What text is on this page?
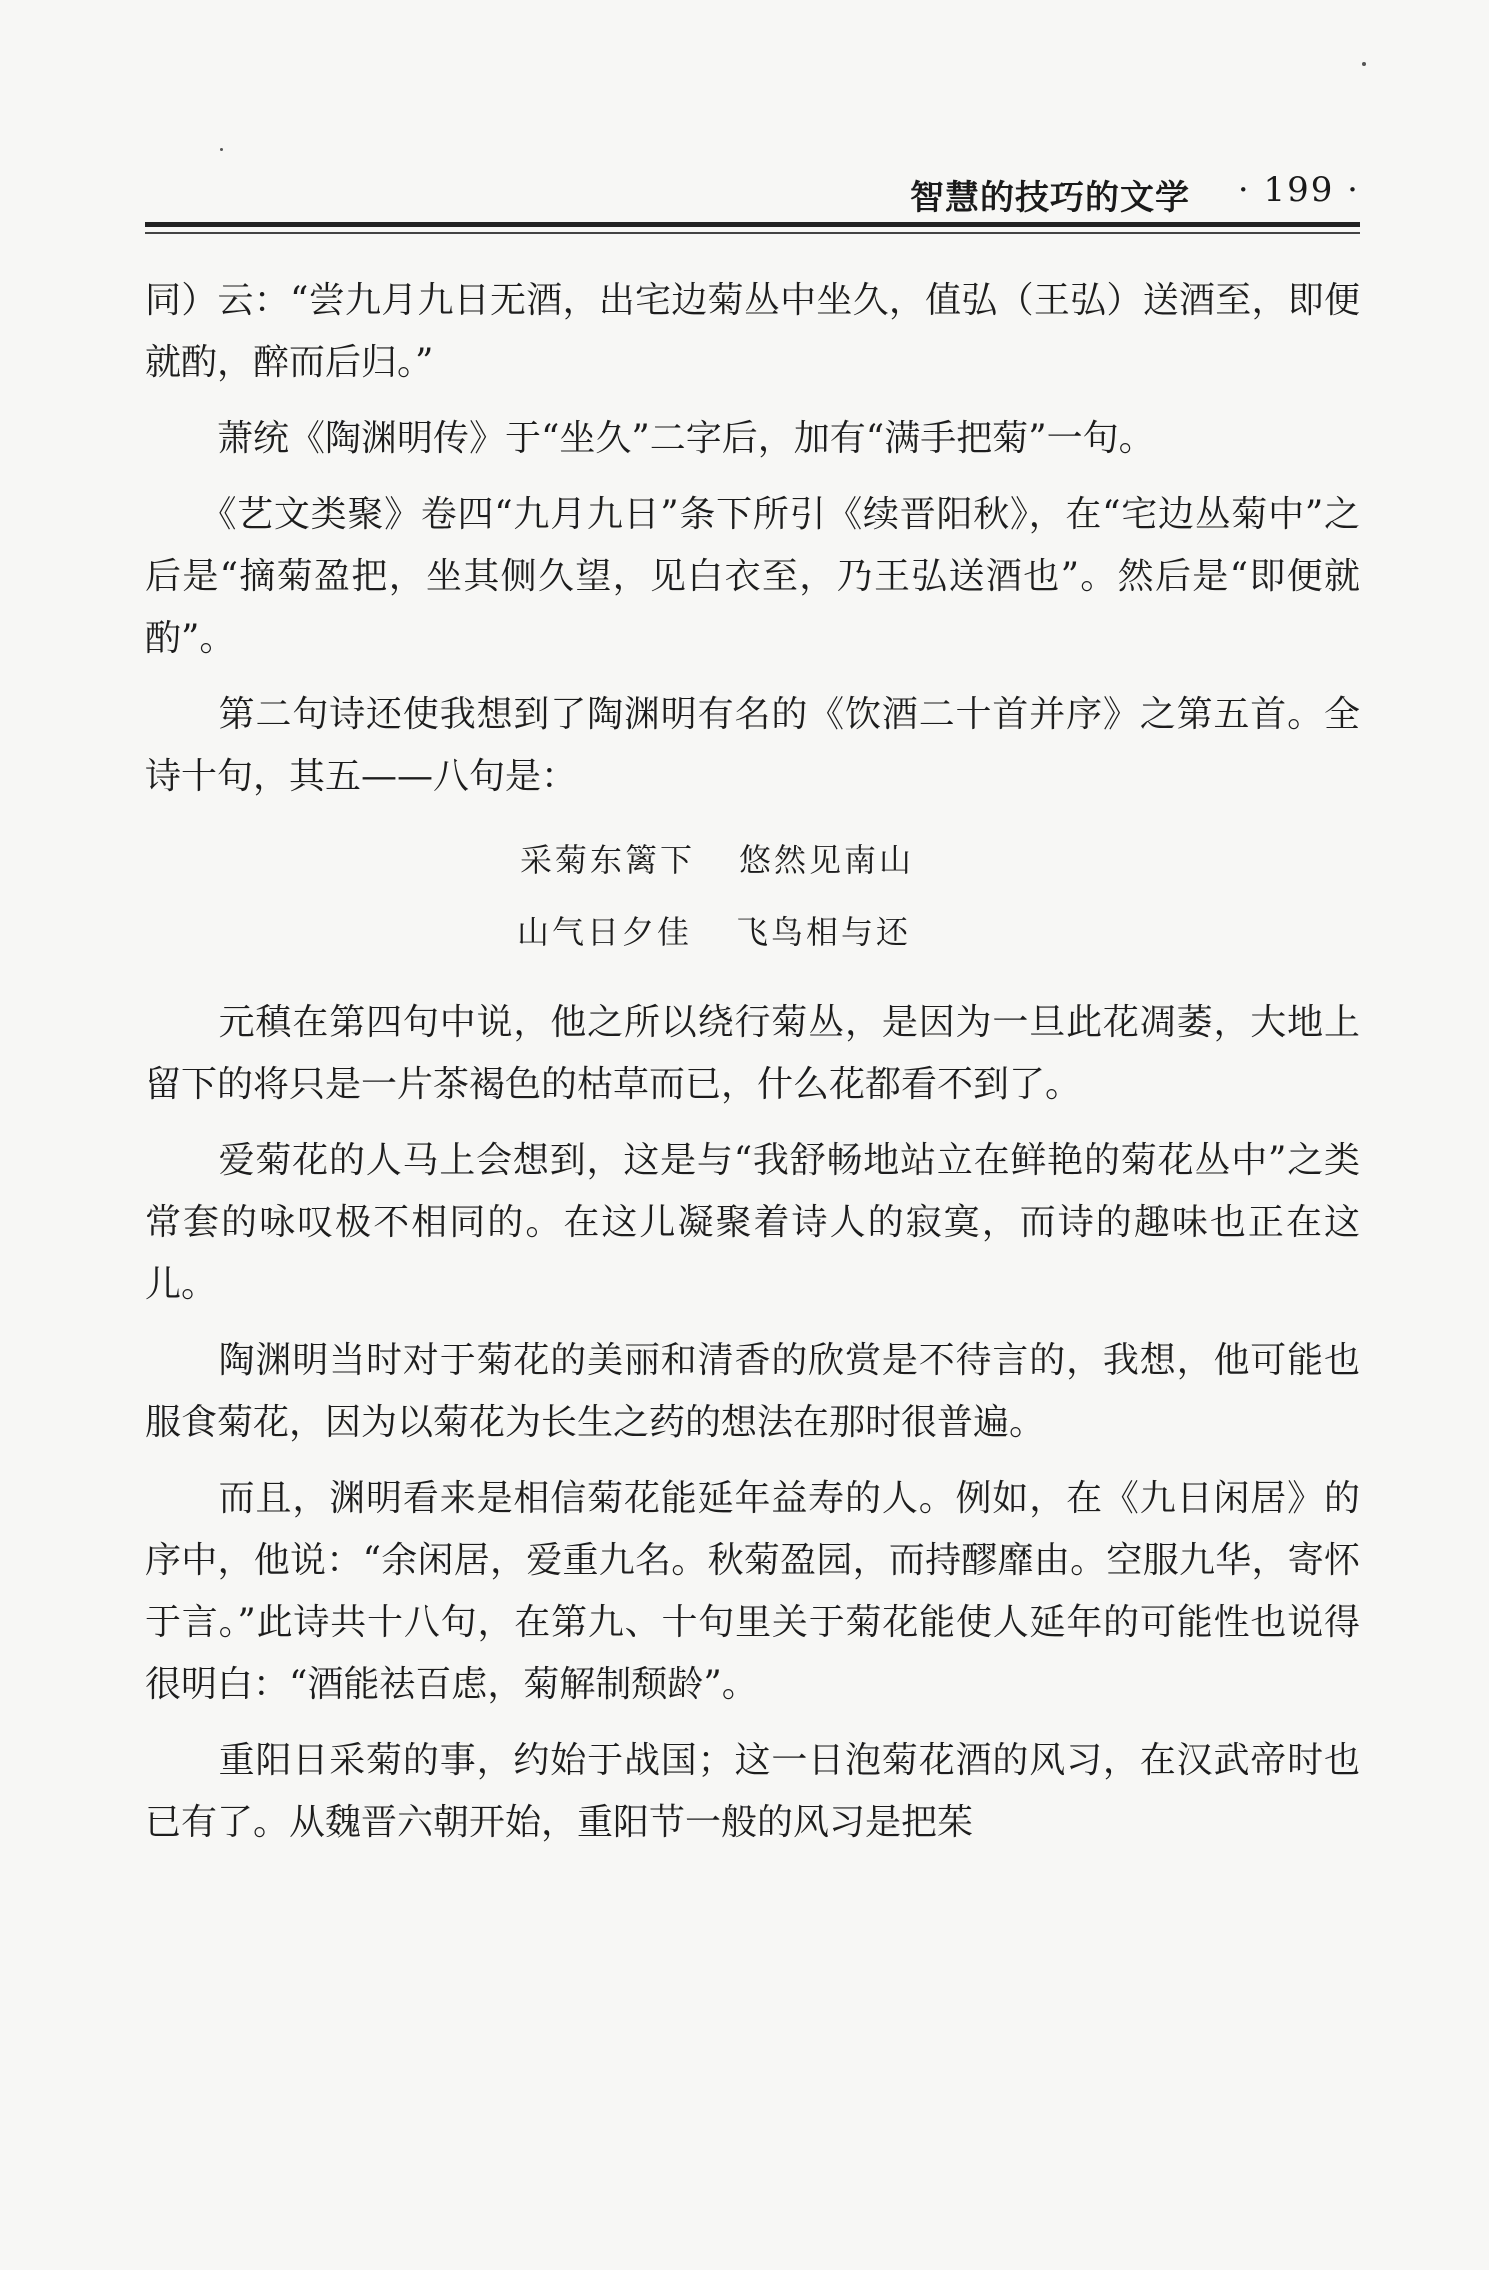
智慧的技巧的文学 · 199 ·

同）云：“尝九月九日无酒，出宅边菊丛中坐久，值弘（王弘）送酒至，即便就酌，醉而后归。”

　　萧统《陶渊明传》于“坐久”二字后，加有“满手把菊”一句。

　　《艺文类聚》卷四“九月九日”条下所引《续晋阳秋》，在“宅边丛菊中”之后是“摘菊盈把，坐其侧久望，见白衣至，乃王弘送酒也”。然后是“即便就酌”。

　　第二句诗还使我想到了陶渊明有名的《饮酒二十首并序》之第五首。全诗十句，其五——八句是：

采菊东篱下 悠然见南山
山气日夕佳 飞鸟相与还

　　元稹在第四句中说，他之所以绕行菊丛，是因为一旦此花凋萎，大地上留下的将只是一片茶褐色的枯草而已，什么花都看不到了。

　　爱菊花的人马上会想到，这是与“我舒畅地站立在鲜艳的菊花丛中”之类常套的咏叹极不相同的。在这儿凝聚着诗人的寂寞，而诗的趣味也正在这儿。

　　陶渊明当时对于菊花的美丽和清香的欣赏是不待言的，我想，他可能也服食菊花，因为以菊花为长生之药的想法在那时很普遍。

　　而且，渊明看来是相信菊花能延年益寿的人。例如，在《九日闲居》的序中，他说：“余闲居，爱重九名。秋菊盈园，而持醪靡由。空服九华，寄怀于言。”此诗共十八句，在第九、十句里关于菊花能使人延年的可能性也说得很明白：“酒能祛百虑，菊解制颓龄”。

　　重阳日采菊的事，约始于战国；这一日泡菊花酒的风习，在汉武帝时也已有了。从魏晋六朝开始，重阳节一般的风习是把茱
